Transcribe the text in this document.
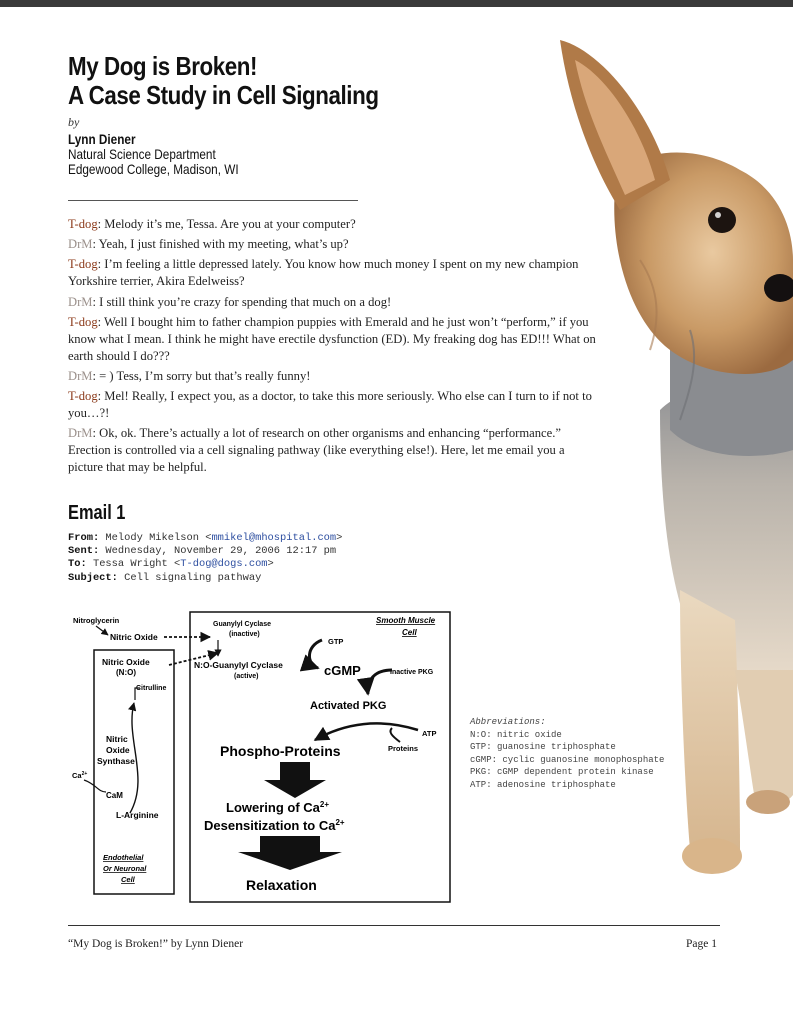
My Dog is Broken!
A Case Study in Cell Signaling
by
Lynn Diener
Natural Science Department
Edgewood College, Madison, WI

T-dog: Melody it’s me, Tessa. Are you at your computer?

DrM: Yeah, I just finished with my meeting, what’s up?

T-dog: I’m feeling a little depressed lately. You know how much money I spent on my new champion Yorkshire terrier, Akira Edelweiss?

DrM: I still think you’re crazy for spending that much on a dog!

T-dog: Well I bought him to father champion puppies with Emerald and he just won’t “perform,” if you know what I mean. I think he might have erectile dysfunction (ED). My freaking dog has ED!!! What on earth should I do???

DrM: = ) Tess, I’m sorry but that’s really funny!

T-dog: Mel! Really, I expect you, as a doctor, to take this more seriously. Who else can I turn to if not to you…?!

DrM: Ok, ok. There’s actually a lot of research on other organisms and enhancing “performance.” Erection is controlled via a cell signaling pathway (like everything else!). Here, let me email you a picture that may be helpful.

Email 1
From: Melody Mikelson <mmikel@mhospital.com>
Sent: Wednesday, November 29, 2006 12:17 pm
To: Tessa Wright <T-dog@dogs.com>
Subject: Cell signaling pathway
Nitroglycerin
Nitric Oxide
Nitric Oxide
(N:O)
Citrulline
Nitric
Oxide
Synthase
$Ca^{2+}$
CaM
L-Arginine
Endothelial
Or Neuronal
Cell
Guanylyl Cyclase
(inactive)
Smooth Muscle
Cell
GTP
N:O-Guanylyl Cyclase
(active)	cGMP	Inactive PKG
Activated PKG
ATP
Proteins
Phospho-Proteins
Lowering of $Ca^{2+}$
Desensitization to $Ca^{2+}$
Relaxation
Abbreviations:
N:O: nitric oxide
GTP: guanosine triphosphate
cGMP: cyclic guanosine monophosphate
PKG: cGMP dependent protein kinase
ATP: adenosine triphosphate
“My Dog is Broken!” by Lynn Diener	Page 1
